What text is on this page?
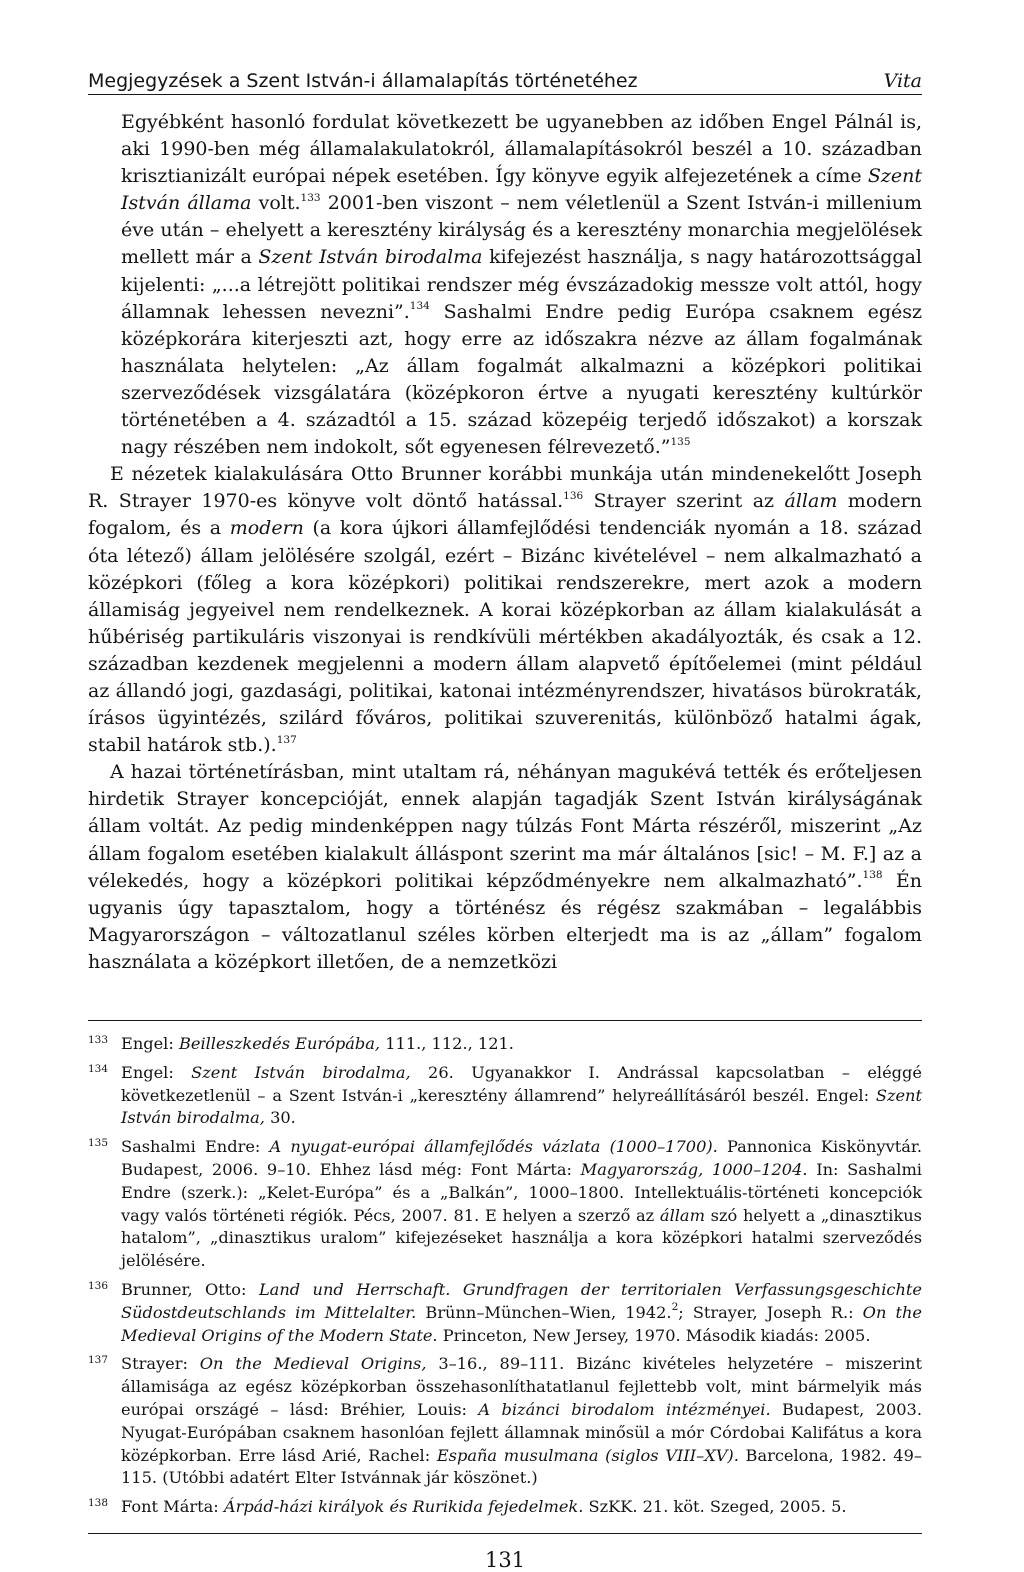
Megjegyzések a Szent István-i államalapítás történetéhez	Vita

Egyébként hasonló fordulat következett be ugyanebben az időben Engel Pálnál is, aki 1990-ben még államalakulatokról, államalapításokról beszél a 10. században krisztianizált európai népek esetében. Így könyve egyik alfejezetének a címe Szent István állama volt.$^{133}$ 2001-ben viszont – nem véletlenül a Szent István-i millenium éve után – ehelyett a keresztény királyság és a keresztény monarchia megjelölések mellett már a Szent István birodalma kifejezést használja, s nagy határozottsággal kijelenti: „...a létrejött politikai rendszer még évszázadokig messze volt attól, hogy államnak lehessen nevezni”.$^{134}$ Sashalmi Endre pedig Európa csaknem egész középkorára kiterjeszti azt, hogy erre az időszakra nézve az állam fogalmának használata helytelen: „Az állam fogalmát alkalmazni a középkori politikai szerveződések vizsgálatára (középkoron értve a nyugati keresztény kultúrkör történetében a 4. századtól a 15. század közepéig terjedő időszakot) a korszak nagy részében nem indokolt, sőt egyenesen félrevezető.”$^{135}$

E nézetek kialakulására Otto Brunner korábbi munkája után mindenekelőtt Joseph R. Strayer 1970-es könyve volt döntő hatással.$^{136}$ Strayer szerint az állam modern fogalom, és a modern (a kora újkori államfejlődési tendenciák nyomán a 18. század óta létező) állam jelölésére szolgál, ezért – Bizánc kivételével – nem alkalmazható a középkori (főleg a kora középkori) politikai rendszerekre, mert azok a modern államiság jegyeivel nem rendelkeznek. A korai középkorban az állam kialakulását a hűbériség partikuláris viszonyai is rendkívüli mértékben akadályozták, és csak a 12. században kezdenek megjelenni a modern állam alapvető építőelemei (mint például az állandó jogi, gazdasági, politikai, katonai intézményrendszer, hivatásos bürokraták, írásos ügyintézés, szilárd főváros, politikai szuverenitás, különböző hatalmi ágak, stabil határok stb.).$^{137}$

A hazai történetírásban, mint utaltam rá, néhányan magukévá tették és erőteljesen hirdetik Strayer koncepcióját, ennek alapján tagadják Szent István királyságának állam voltát. Az pedig mindenképpen nagy túlzás Font Márta részéről, miszerint „Az állam fogalom esetében kialakult álláspont szerint ma már általános [sic! – M. F.] az a vélekedés, hogy a középkori politikai képződményekre nem alkalmazható”.$^{138}$ Én ugyanis úgy tapasztalom, hogy a történész és régész szakmában – legalábbis Magyarországon – változatlanul széles körben elterjedt ma is az „állam” fogalom használata a középkort illetően, de a nemzetközi

133 Engel: Beilleszkedés Európába, 111., 112., 121.
134 Engel: Szent István birodalma, 26. Ugyanakkor I. Andrással kapcsolatban – eléggé következetlenül – a Szent István-i „keresztény államrend” helyreállításáról beszél. Engel: Szent István birodalma, 30.
135 Sashalmi Endre: A nyugat-európai államfejlődés vázlata (1000–1700). Pannonica Kiskönyvtár. Budapest, 2006. 9–10. Ehhez lásd még: Font Márta: Magyarország, 1000–1204. In: Sashalmi Endre (szerk.): „Kelet-Európa” és a „Balkán”, 1000–1800. Intellektuális-történeti koncepciók vagy valós történeti régiók. Pécs, 2007. 81. E helyen a szerző az állam szó helyett a „dinasztikus hatalom”, „dinasztikus uralom” kifejezéseket használja a kora középkori hatalmi szerveződés jelölésére.
136 Brunner, Otto: Land und Herrschaft. Grundfragen der territorialen Verfassungsgeschichte Südostdeutschlands im Mittelalter. Brünn–München–Wien, 1942.$^2$; Strayer, Joseph R.: On the Medieval Origins of the Modern State. Princeton, New Jersey, 1970. Második kiadás: 2005.
137 Strayer: On the Medieval Origins, 3–16., 89–111. Bizánc kivételes helyzetére – miszerint államisága az egész középkorban összehasonlíthatatlanul fejlettebb volt, mint bármelyik más európai országé – lásd: Bréhier, Louis: A bizánci birodalom intézményei. Budapest, 2003. Nyugat-Európában csaknem hasonlóan fejlett államnak minősül a mór Córdobai Kalifátus a kora középkorban. Erre lásd Arié, Rachel: España musulmana (siglos VIII–XV). Barcelona, 1982. 49–115. (Utóbbi adatért Elter Istvánnak jár köszönet.)
138 Font Márta: Árpád-házi királyok és Rurikida fejedelmek. SzKK. 21. köt. Szeged, 2005. 5.
131
